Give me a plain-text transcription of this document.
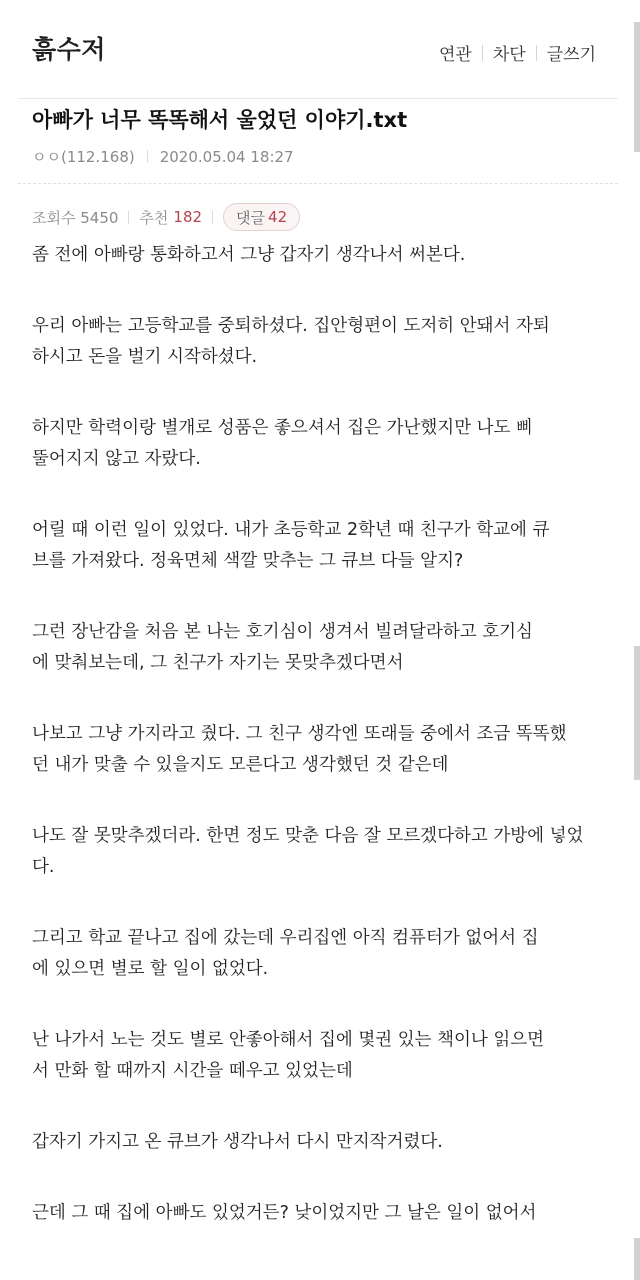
흙수저	연관 차단 글쓰기
아빠가 너무 똑똑해서 울었던 이야기.txt
ㅇㅇ(112.168) 2020.05.04 18:27
조회수 5450 추천 182 댓글 42

좀 전에 아빠랑 통화하고서 그냥 갑자기 생각나서 써본다.

우리 아빠는 고등학교를 중퇴하셨다. 집안형편이 도저히 안돼서 자퇴
하시고 돈을 벌기 시작하셨다.

하지만 학력이랑 별개로 성품은 좋으셔서 집은 가난했지만 나도 삐
뚤어지지 않고 자랐다.

어릴 때 이런 일이 있었다. 내가 초등학교 2학년 때 친구가 학교에 큐
브를 가져왔다. 정육면체 색깔 맞추는 그 큐브 다들 알지?

그런 장난감을 처음 본 나는 호기심이 생겨서 빌려달라하고 호기심
에 맞춰보는데, 그 친구가 자기는 못맞추겠다면서

나보고 그냥 가지라고 줬다. 그 친구 생각엔 또래들 중에서 조금 똑똑했
던 내가 맞출 수 있을지도 모른다고 생각했던 것 같은데

나도 잘 못맞추겠더라. 한면 정도 맞춘 다음 잘 모르겠다하고 가방에 넣었
다.

그리고 학교 끝나고 집에 갔는데 우리집엔 아직 컴퓨터가 없어서 집
에 있으면 별로 할 일이 없었다.

난 나가서 노는 것도 별로 안좋아해서 집에 몇권 있는 책이나 읽으면
서 만화 할 때까지 시간을 떼우고 있었는데

갑자기 가지고 온 큐브가 생각나서 다시 만지작거렸다.

근데 그 때 집에 아빠도 있었거든? 낮이었지만 그 날은 일이 없어서
